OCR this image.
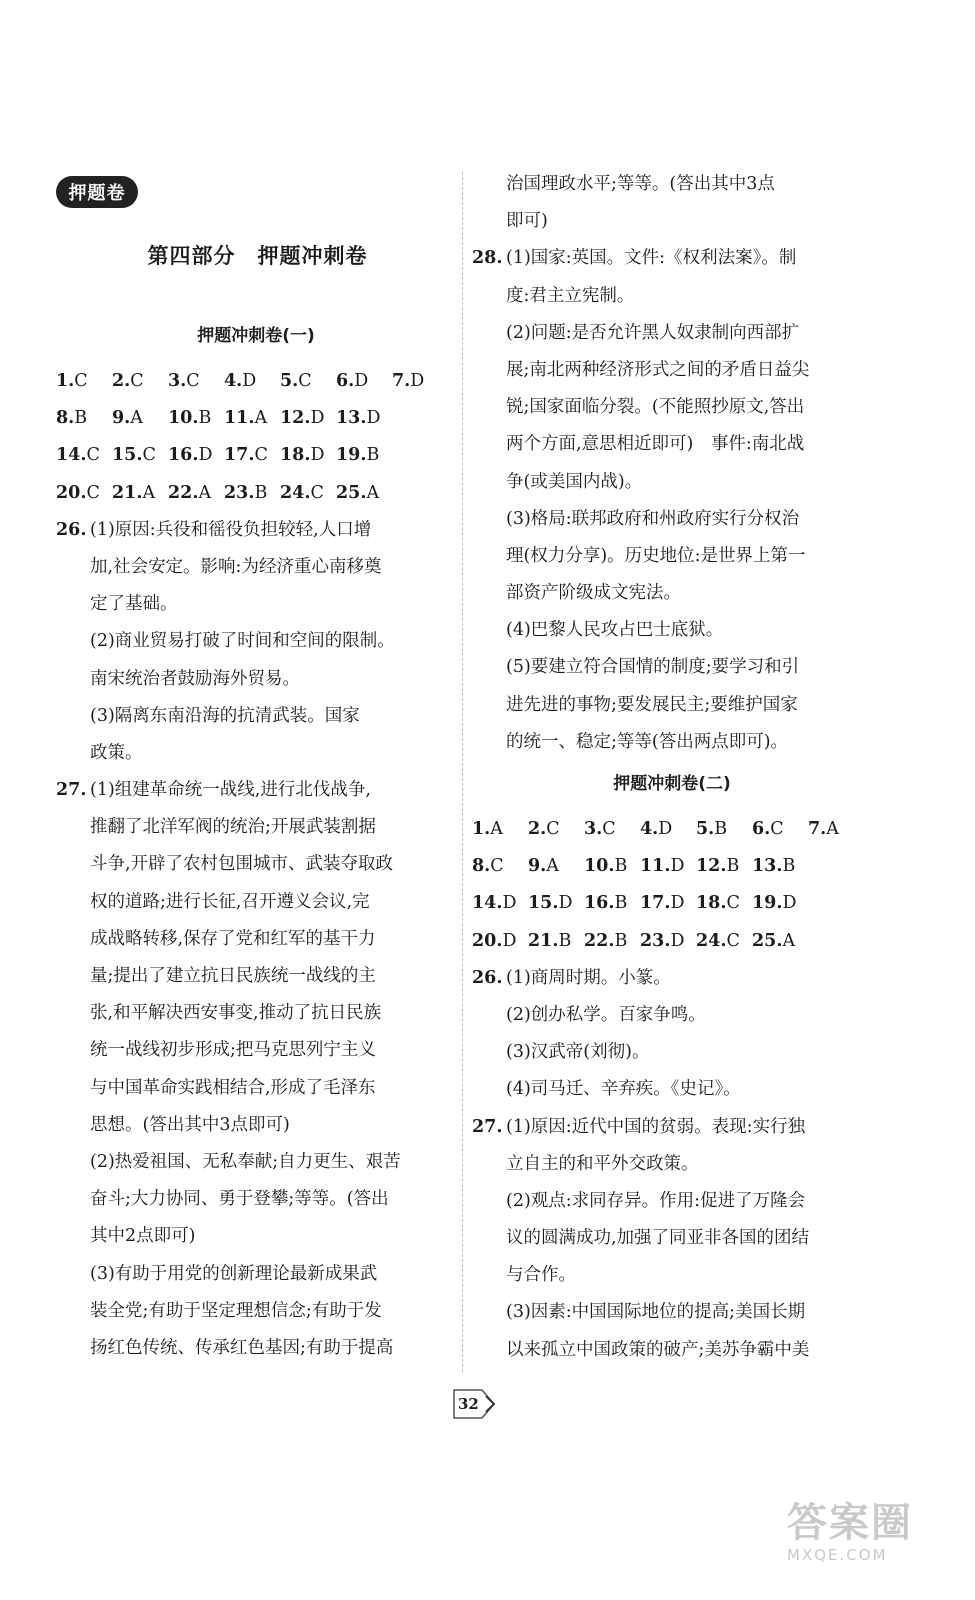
押题卷
第四部分　押题冲刺卷
押题冲刺卷(一)
1.C	2.C	3.C	4.D	5.C	6.D	7.D
8.B	9.A	10.B 11.A 12.D 13.D
14.C 15.C 16.D 17.C 18.D 19.B
20.C 21.A 22.A 23.B 24.C 25.A
26. (1)原因:兵役和徭役负担较轻,人口增
加,社会安定。影响:为经济重心南移奠
定了基础。
(2)商业贸易打破了时间和空间的限制。
南宋统治者鼓励海外贸易。
(3)隔离东南沿海的抗清武装。国家
政策。
27. (1)组建革命统一战线,进行北伐战争,
推翻了北洋军阀的统治;开展武装割据
斗争,开辟了农村包围城市、武装夺取政
权的道路;进行长征,召开遵义会议,完
成战略转移,保存了党和红军的基干力
量;提出了建立抗日民族统一战线的主
张,和平解决西安事变,推动了抗日民族
统一战线初步形成;把马克思列宁主义
与中国革命实践相结合,形成了毛泽东
思想。(答出其中3点即可)
(2)热爱祖国、无私奉献;自力更生、艰苦
奋斗;大力协同、勇于登攀;等等。(答出
其中2点即可)
(3)有助于用党的创新理论最新成果武
装全党;有助于坚定理想信念;有助于发
扬红色传统、传承红色基因;有助于提高
治国理政水平;等等。(答出其中3点
即可)
28. (1)国家:英国。文件:《权利法案》。制
度:君主立宪制。
(2)问题:是否允许黑人奴隶制向西部扩
展;南北两种经济形式之间的矛盾日益尖
锐;国家面临分裂。(不能照抄原文,答出
两个方面,意思相近即可)　事件:南北战
争(或美国内战)。
(3)格局:联邦政府和州政府实行分权治
理(权力分享)。历史地位:是世界上第一
部资产阶级成文宪法。
(4)巴黎人民攻占巴士底狱。
(5)要建立符合国情的制度;要学习和引
进先进的事物;要发展民主;要维护国家
的统一、稳定;等等(答出两点即可)。
押题冲刺卷(二)
1.A	2.C	3.C	4.D	5.B	6.C	7.A
8.C	9.A	10.B 11.D 12.B 13.B
14.D 15.D 16.B 17.D 18.C 19.D
20.D 21.B 22.B 23.D 24.C 25.A
26. (1)商周时期。小篆。
(2)创办私学。百家争鸣。
(3)汉武帝(刘彻)。
(4)司马迁、辛弃疾。《史记》。
27. (1)原因:近代中国的贫弱。表现:实行独
立自主的和平外交政策。
(2)观点:求同存异。作用:促进了万隆会
议的圆满成功,加强了同亚非各国的团结
与合作。
(3)因素:中国国际地位的提高;美国长期
以来孤立中国政策的破产;美苏争霸中美
32
答案圈
MXQE.COM
